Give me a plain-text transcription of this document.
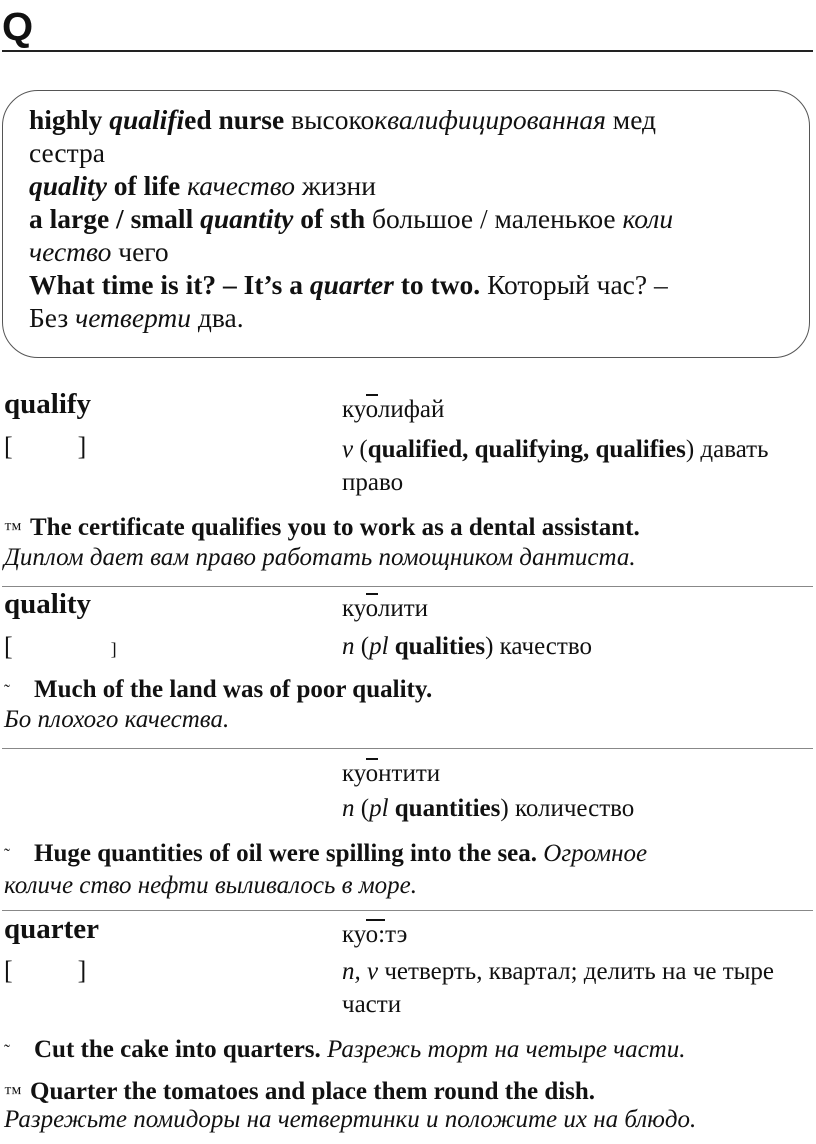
Q
highly qualified nurse высококвалифицированная мед
сестра
quality of life качество жизни
a large / small quantity of sth большое / маленькое коли
чество чего
What time is it? – It’s a quarter to two. Который час? –
Без четверти два.
qualify
[          ]
куолифай
v (qualified, qualifying, qualifies) давать право
™ The certificate qualifies you to work as a dental assistant.
Диплом дает вам право работать помощником дантиста.
quality
[	]
куолити
n (pl qualities) качество
˜ Much of the land was of poor quality.
Бо плохого качества.
куонтити
n (pl quantities) количество
˜ Huge quantities of oil were spilling into the sea. Огромное
количе ство нефти выливалось в море.
quarter
[          ]
куо:тэ
n, v четверть, квартал; делить на че тыре части
˜ Cut the cake into quarters. Разрежь торт на четыре части.
™ Quarter the tomatoes and place them round the dish.
Разрежьте помидоры на четвертинки и положите их на блюдо.
